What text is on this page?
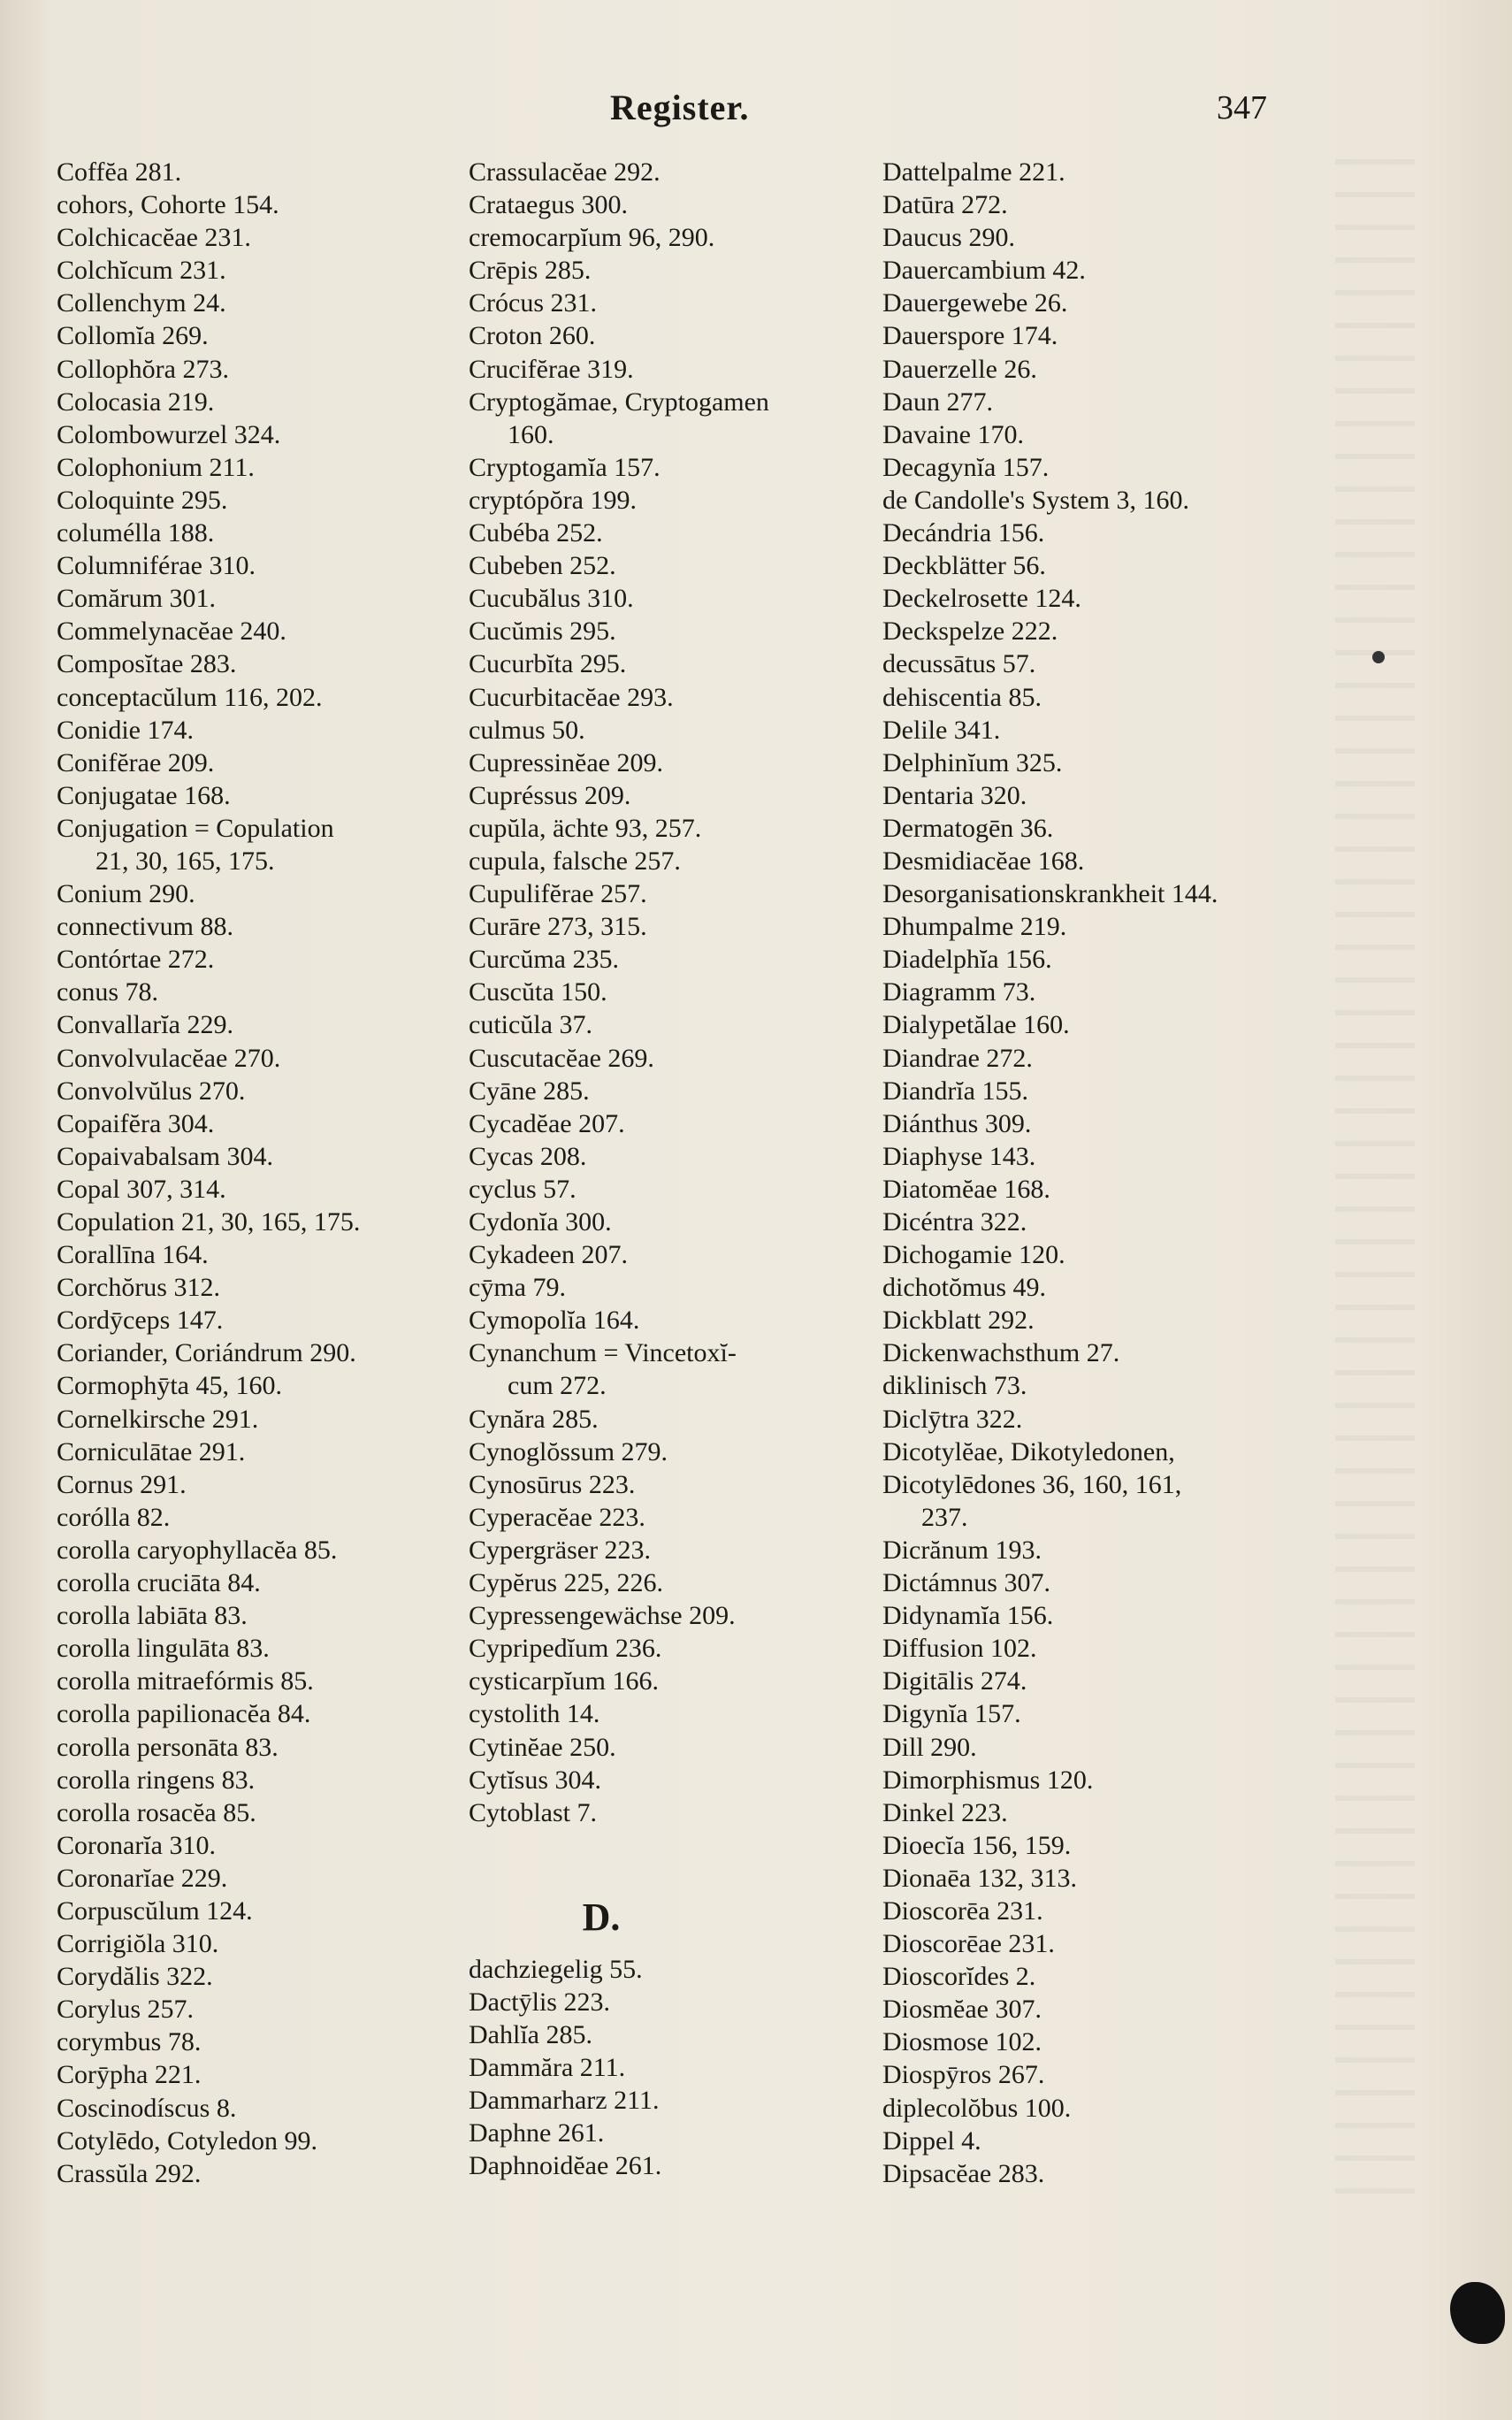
Register.	347
Coffĕa 281.
cohors, Cohorte 154.
Colchicacĕae 231.
Colchĭcum 231.
Collenchym 24.
Collomĭa 269.
Collophŏra 273.
Colocasia 219.
Colombowurzel 324.
Colophonium 211.
Coloquinte 295.
columélla 188.
Columniférae 310.
Comărum 301.
Commelynacĕae 240.
Composĭtae 283.
conceptacŭlum 116, 202.
Conidie 174.
Conifĕrae 209.
Conjugatae 168.
Conjugation = Copulation
21, 30, 165, 175.
Conium 290.
connectivum 88.
Contórtae 272.
conus 78.
Convallarĭa 229.
Convolvulacĕae 270.
Convolvŭlus 270.
Copaifĕra 304.
Copaivabalsam 304.
Copal 307, 314.
Copulation 21, 30, 165, 175.
Corallīna 164.
Corchŏrus 312.
Cordȳceps 147.
Coriander, Coriándrum 290.
Cormophȳta 45, 160.
Cornelkirsche 291.
Corniculātae 291.
Cornus 291.
corólla 82.
corolla caryophyllacĕa 85.
corolla cruciāta 84.
corolla labiāta 83.
corolla lingulāta 83.
corolla mitraefórmis 85.
corolla papilionacĕa 84.
corolla personāta 83.
corolla ringens 83.
corolla rosacĕa 85.
Coronarĭa 310.
Coronarĭae 229.
Corpuscŭlum 124.
Corrigiŏla 310.
Corydălis 322.
Corylus 257.
corymbus 78.
Corȳpha 221.
Coscinodíscus 8.
Cotylēdo, Cotyledon 99.
Crassŭla 292.
Crassulacĕae 292.
Crataegus 300.
cremocarpĭum 96, 290.
Crēpis 285.
Crócus 231.
Croton 260.
Crucifĕrae 319.
Cryptogămae, Cryptogamen
160.
Cryptogamĭa 157.
cryptópŏra 199.
Cubéba 252.
Cubeben 252.
Cucubălus 310.
Cucŭmis 295.
Cucurbĭta 295.
Cucurbitacĕae 293.
culmus 50.
Cupressinĕae 209.
Cupréssus 209.
cupŭla, ächte 93, 257.
cupula, falsche 257.
Cupulifĕrae 257.
Curāre 273, 315.
Curcŭma 235.
Cuscŭta 150.
cuticŭla 37.
Cuscutacĕae 269.
Cyāne 285.
Cycadĕae 207.
Cycas 208.
cyclus 57.
Cydonĭa 300.
Cykadeen 207.
cȳma 79.
Cymopolĭa 164.
Cynanchum = Vincetoxĭ-
cum 272.
Cynăra 285.
Cynoglŏssum 279.
Cynosūrus 223.
Cyperacĕae 223.
Cypergräser 223.
Cypĕrus 225, 226.
Cypressengewächse 209.
Cypripedĭum 236.
cysticarpĭum 166.
cystolith 14.
Cytinĕae 250.
Cytĭsus 304.
Cytoblast 7.
D.
dachziegelig 55.
Dactȳlis 223.
Dahlĭa 285.
Dammăra 211.
Dammarharz 211.
Daphne 261.
Daphnoidĕae 261.
Dattelpalme 221.
Datūra 272.
Daucus 290.
Dauercambium 42.
Dauergewebe 26.
Dauerspore 174.
Dauerzelle 26.
Daun 277.
Davaine 170.
Decagynĭa 157.
de Candolle's System 3, 160.
Decándria 156.
Deckblätter 56.
Deckelrosette 124.
Deckspelze 222.
decussātus 57.
dehiscentia 85.
Delile 341.
Delphinĭum 325.
Dentaria 320.
Dermatogēn 36.
Desmidiacĕae 168.
Desorganisationskrankheit 144.
Dhumpalme 219.
Diadelphĭa 156.
Diagramm 73.
Dialypetălae 160.
Diandrae 272.
Diandrĭa 155.
Diánthus 309.
Diaphyse 143.
Diatomĕae 168.
Dicéntra 322.
Dichogamie 120.
dichotŏmus 49.
Dickblatt 292.
Dickenwachsthum 27.
diklinisch 73.
Diclȳtra 322.
Dicotylĕae, Dikotyledonen,
Dicotylēdones 36, 160, 161,
237.
Dicrănum 193.
Dictámnus 307.
Didynamĭa 156.
Diffusion 102.
Digitālis 274.
Digynĭa 157.
Dill 290.
Dimorphismus 120.
Dinkel 223.
Dioecĭa 156, 159.
Dionaēa 132, 313.
Dioscorēa 231.
Dioscorēae 231.
Dioscorĭdes 2.
Diosmĕae 307.
Diosmose 102.
Diospȳros 267.
diplecolŏbus 100.
Dippel 4.
Dipsacĕae 283.
